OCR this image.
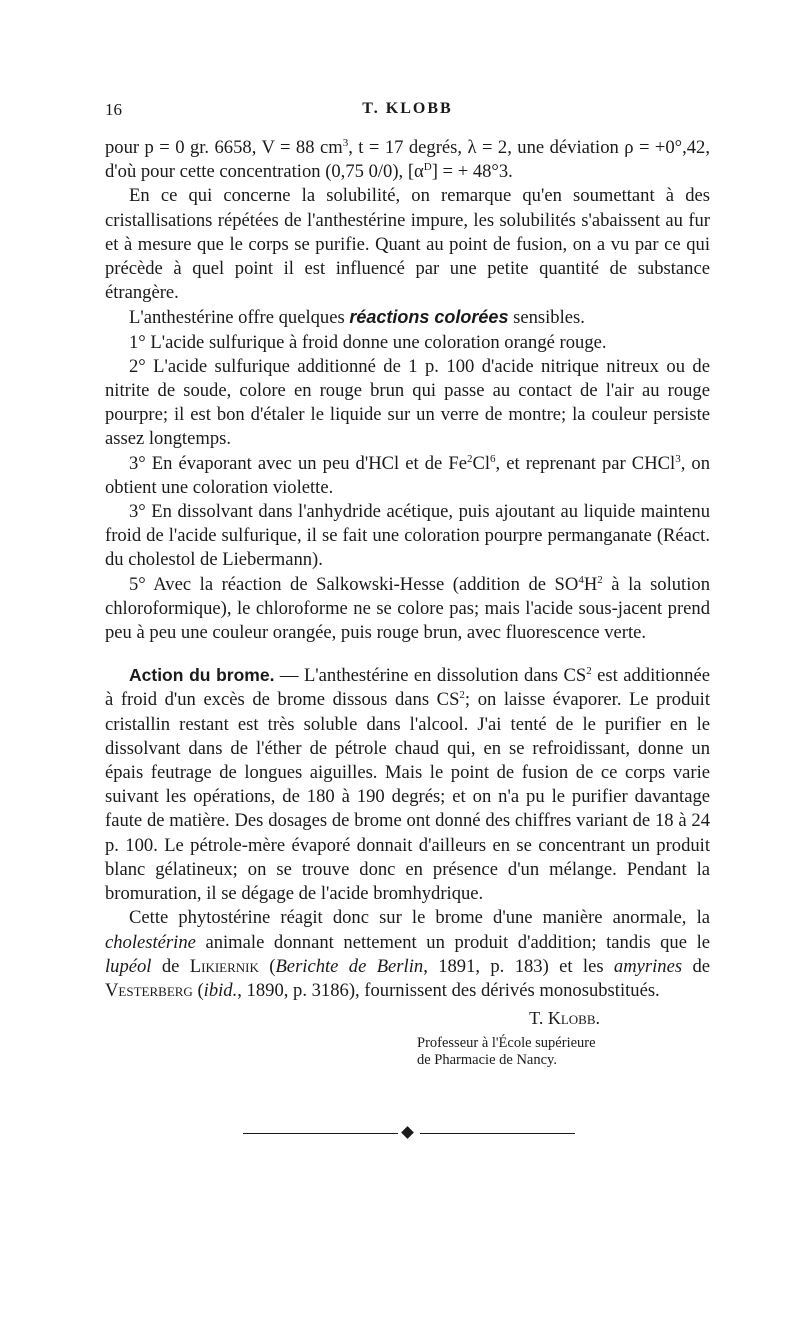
16	T. KLOBB

pour p = 0 gr. 6658, V = 88 $cm^3$, t = 17 degrés, λ = 2, une déviation ρ = +0°,42, d'où pour cette concentration (0,75 0/0), $[\alpha^D]$ = + 48°3.

En ce qui concerne la solubilité, on remarque qu'en soumettant à des cristallisations répétées de l'anthestérine impure, les solubilités s'abaissent au fur et à mesure que le corps se purifie. Quant au point de fusion, on a vu par ce qui précède à quel point il est influencé par une petite quantité de substance étrangère.

L'anthestérine offre quelques réactions colorées sensibles.

1° L'acide sulfurique à froid donne une coloration orangé rouge.

2° L'acide sulfurique additionné de 1 p. 100 d'acide nitrique nitreux ou de nitrite de soude, colore en rouge brun qui passe au contact de l'air au rouge pourpre; il est bon d'étaler le liquide sur un verre de montre; la couleur persiste assez longtemps.

3° En évaporant avec un peu d'HCl et de Fe$^2$Cl$^6$, et reprenant par CHCl$^3$, on obtient une coloration violette.

3° En dissolvant dans l'anhydride acétique, puis ajoutant au liquide maintenu froid de l'acide sulfurique, il se fait une coloration pourpre permanganate (Réact. du cholestol de Liebermann).

5° Avec la réaction de Salkowski-Hesse (addition de $SO^4H^2$ à la solution chloroformique), le chloroforme ne se colore pas; mais l'acide sous-jacent prend peu à peu une couleur orangée, puis rouge brun, avec fluorescence verte.

Action du brome. — L'anthestérine en dissolution dans $CS^2$ est additionnée à froid d'un excès de brome dissous dans $CS^2$; on laisse évaporer. Le produit cristallin restant est très soluble dans l'alcool. J'ai tenté de le purifier en le dissolvant dans de l'éther de pétrole chaud qui, en se refroidissant, donne un épais feutrage de longues aiguilles. Mais le point de fusion de ce corps varie suivant les opérations, de 180 à 190 degrés; et on n'a pu le purifier davantage faute de matière. Des dosages de brome ont donné des chiffres variant de 18 à 24 p. 100. Le pétrole-mère évaporé donnait d'ailleurs en se concentrant un produit blanc gélatineux; on se trouve donc en présence d'un mélange. Pendant la bromuration, il se dégage de l'acide bromhydrique.

Cette phytostérine réagit donc sur le brome d'une manière anormale, la cholestérine animale donnant nettement un produit d'addition; tandis que le lupéol de Likiernik (Berichte de Berlin, 1891, p. 183) et les amyrines de Vesterberg (ibid., 1890, p. 3186), fournissent des dérivés monosubstitués.

T. Klobb.
Professeur à l'École supérieure
de Pharmacie de Nancy.
